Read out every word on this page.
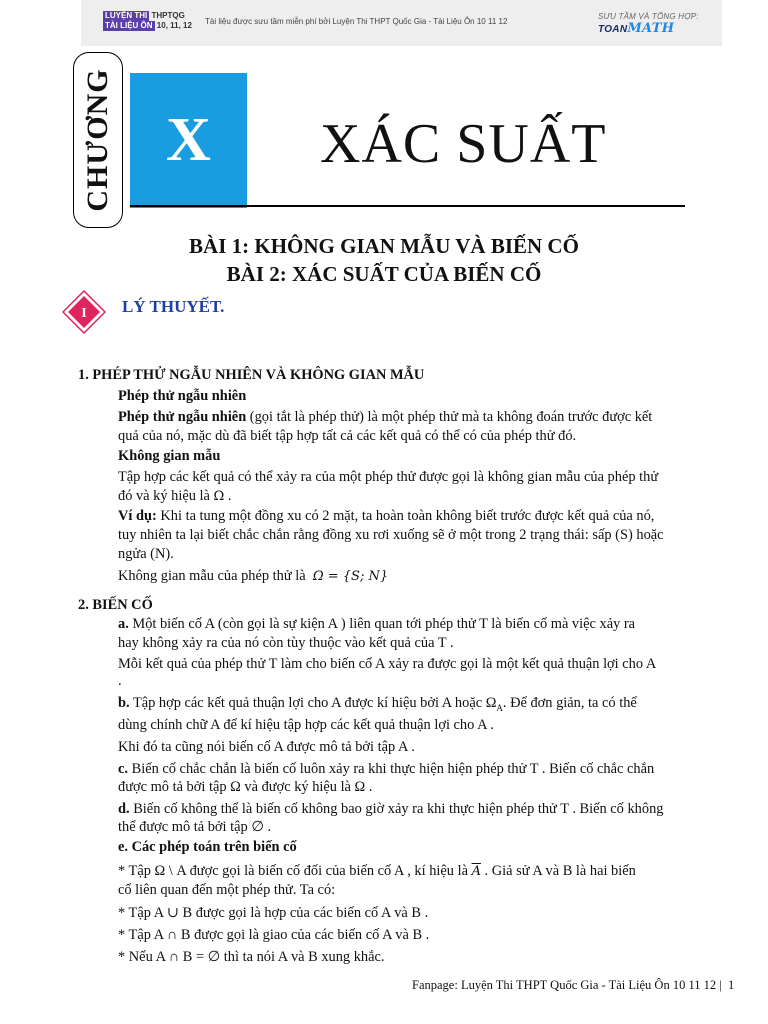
LUYỆN THI THPTQG
TÀI LIỆU ÔN 10, 11, 12 Tài liệu được sưu tầm miễn phí bởi Luyện Thi THPT Quốc Gia - Tài Liệu Ôn 10 11 12
SƯU TẦM VÀ TỔNG HỢP:
TOANMATH
CHƯƠNG X	XÁC SUẤT
BÀI 1: KHÔNG GIAN MẪU VÀ BIẾN CỐ
BÀI 2: XÁC SUẤT CỦA BIẾN CỐ
I LÝ THUYẾT.
1. PHÉP THỬ NGẪU NHIÊN VÀ KHÔNG GIAN MẪU
Phép thử ngẫu nhiên
Phép thử ngẫu nhiên (gọi tắt là phép thử) là một phép thử mà ta không đoán trước được kết
quả của nó, mặc dù đã biết tập hợp tất cả các kết quả có thể có của phép thử đó.
Không gian mẫu
Tập hợp các kết quả có thể xảy ra của một phép thử được gọi là không gian mẫu của phép thử
đó và ký hiệu là Ω .
Ví dụ: Khi ta tung một đồng xu có 2 mặt, ta hoàn toàn không biết trước được kết quả của nó,
tuy nhiên ta lại biết chắc chắn rằng đồng xu rơi xuống sẽ ở một trong 2 trạng thái: sấp (S) hoặc
ngửa (N).
Không gian mẫu của phép thử là Ω = {S; N}
2. BIẾN CỐ
a. Một biến cố A (còn gọi là sự kiện A ) liên quan tới phép thử T là biến cố mà việc xảy ra
hay không xảy ra của nó còn tùy thuộc vào kết quả của T .
Mỗi kết quả của phép thử T làm cho biến cố A xảy ra được gọi là một kết quả thuận lợi cho A
.
b. Tập hợp các kết quả thuận lợi cho A được kí hiệu bởi A hoặc $\Omega_A$. Để đơn giản, ta có thể
dùng chính chữ A để kí hiệu tập hợp các kết quả thuận lợi cho A .
Khi đó ta cũng nói biến cố A được mô tả bởi tập A .
c. Biến cố chắc chắn là biến cố luôn xảy ra khi thực hiện hiện phép thử T . Biến cố chắc chắn
được mô tả bởi tập Ω và được ký hiệu là Ω .
d. Biến cố không thể là biến cố không bao giờ xảy ra khi thực hiện phép thử T . Biến cố không
thể được mô tả bởi tập ∅ .
e. Các phép toán trên biến cố
* Tập Ω \ A được gọi là biến cố đối của biến cố A , kí hiệu là $\overline{A}$ . Giả sử A và B là hai biến
cố liên quan đến một phép thử. Ta có:
* Tập A ∪ B được gọi là hợp của các biến cố A và B .
* Tập A ∩ B được gọi là giao của các biến cố A và B .
* Nếu A ∩ B = ∅ thì ta nói A và B xung khắc.
Fanpage: Luyện Thi THPT Quốc Gia - Tài Liệu Ôn 10 11 12 | 1
